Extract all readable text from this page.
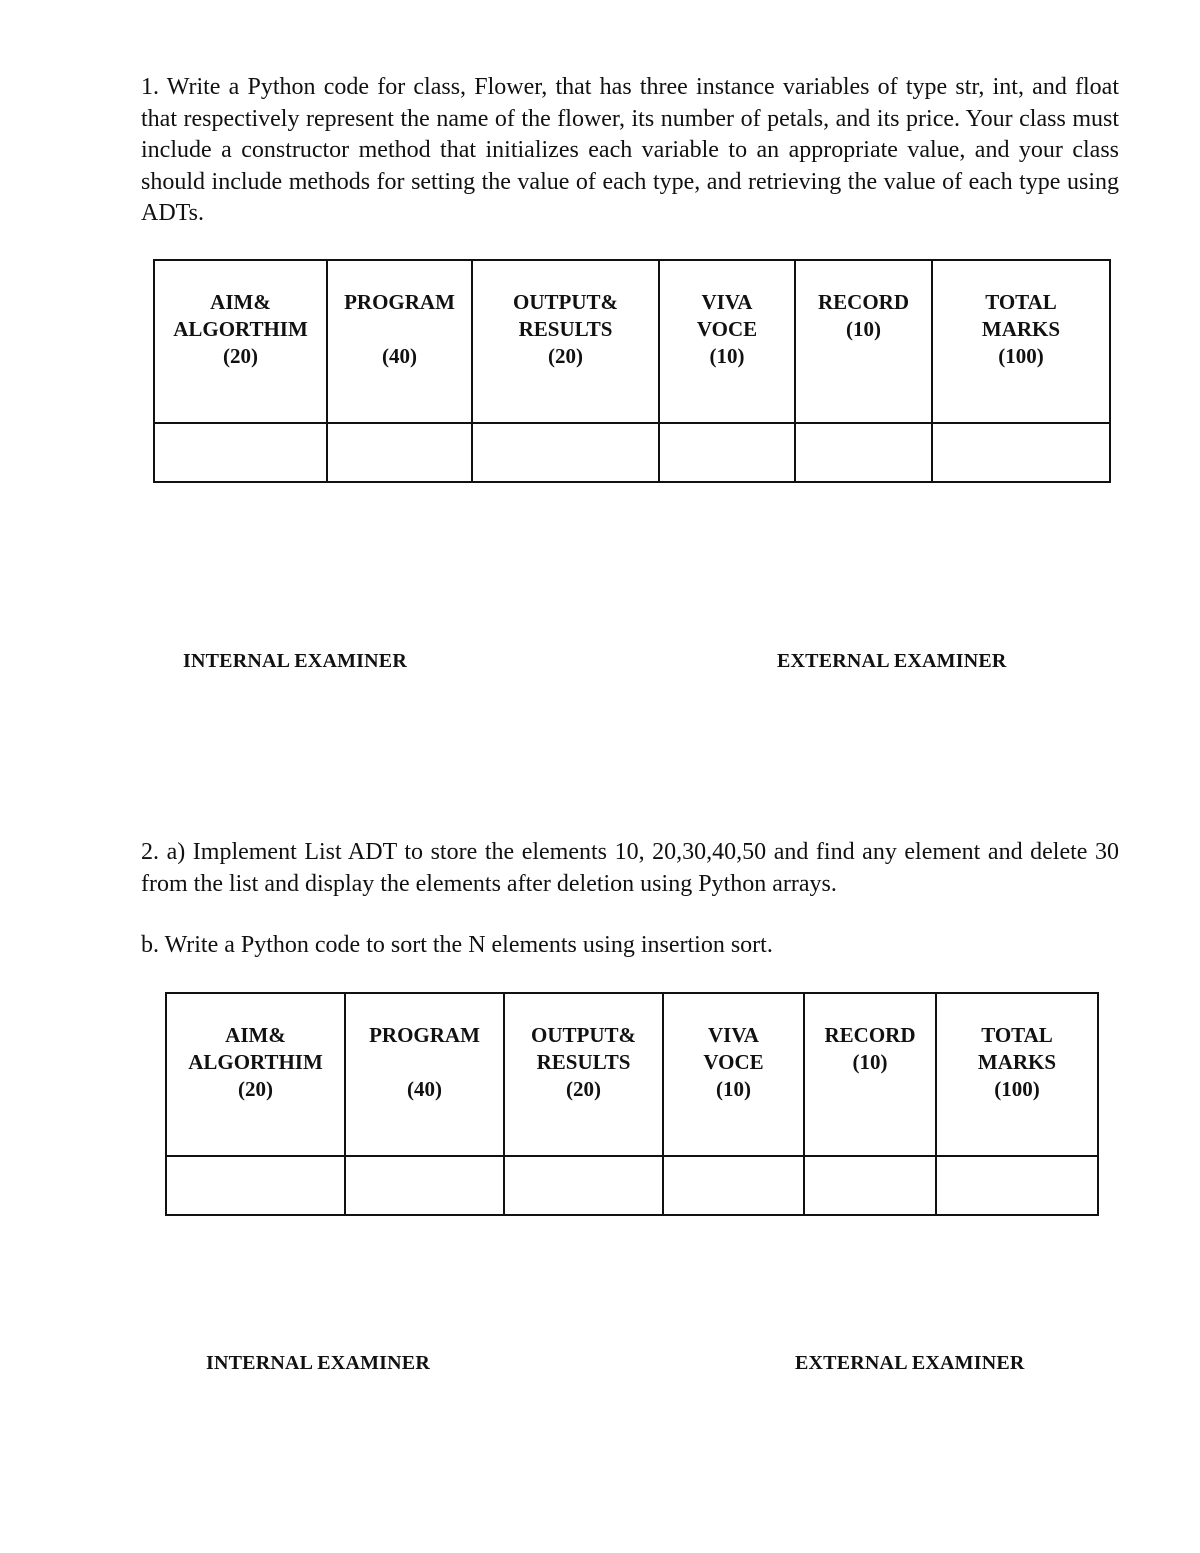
1. Write a Python code for class, Flower, that has three instance variables of type str, int, and float that respectively represent the name of the flower, its number of petals, and its price. Your class must include a constructor method that initializes each variable to an appropriate value, and your class should include methods for setting the value of each type, and retrieving the value of each type using ADTs.

AIM&
ALGORTHIM
(20)	PROGRAM
(40)	OUTPUT&
RESULTS
(20)	VIVA
VOCE
(10)	RECORD
(10)	TOTAL
MARKS
(100)

INTERNAL EXAMINER	EXTERNAL EXAMINER

2. a) Implement List ADT to store the elements 10, 20,30,40,50 and find any element and delete 30 from the list and display the elements after deletion using Python arrays.

b. Write a Python code to sort the N elements using insertion sort.

AIM&
ALGORTHIM
(20)	PROGRAM
(40)	OUTPUT&
RESULTS
(20)	VIVA
VOCE
(10)	RECORD
(10)	TOTAL
MARKS
(100)

INTERNAL EXAMINER	EXTERNAL EXAMINER
